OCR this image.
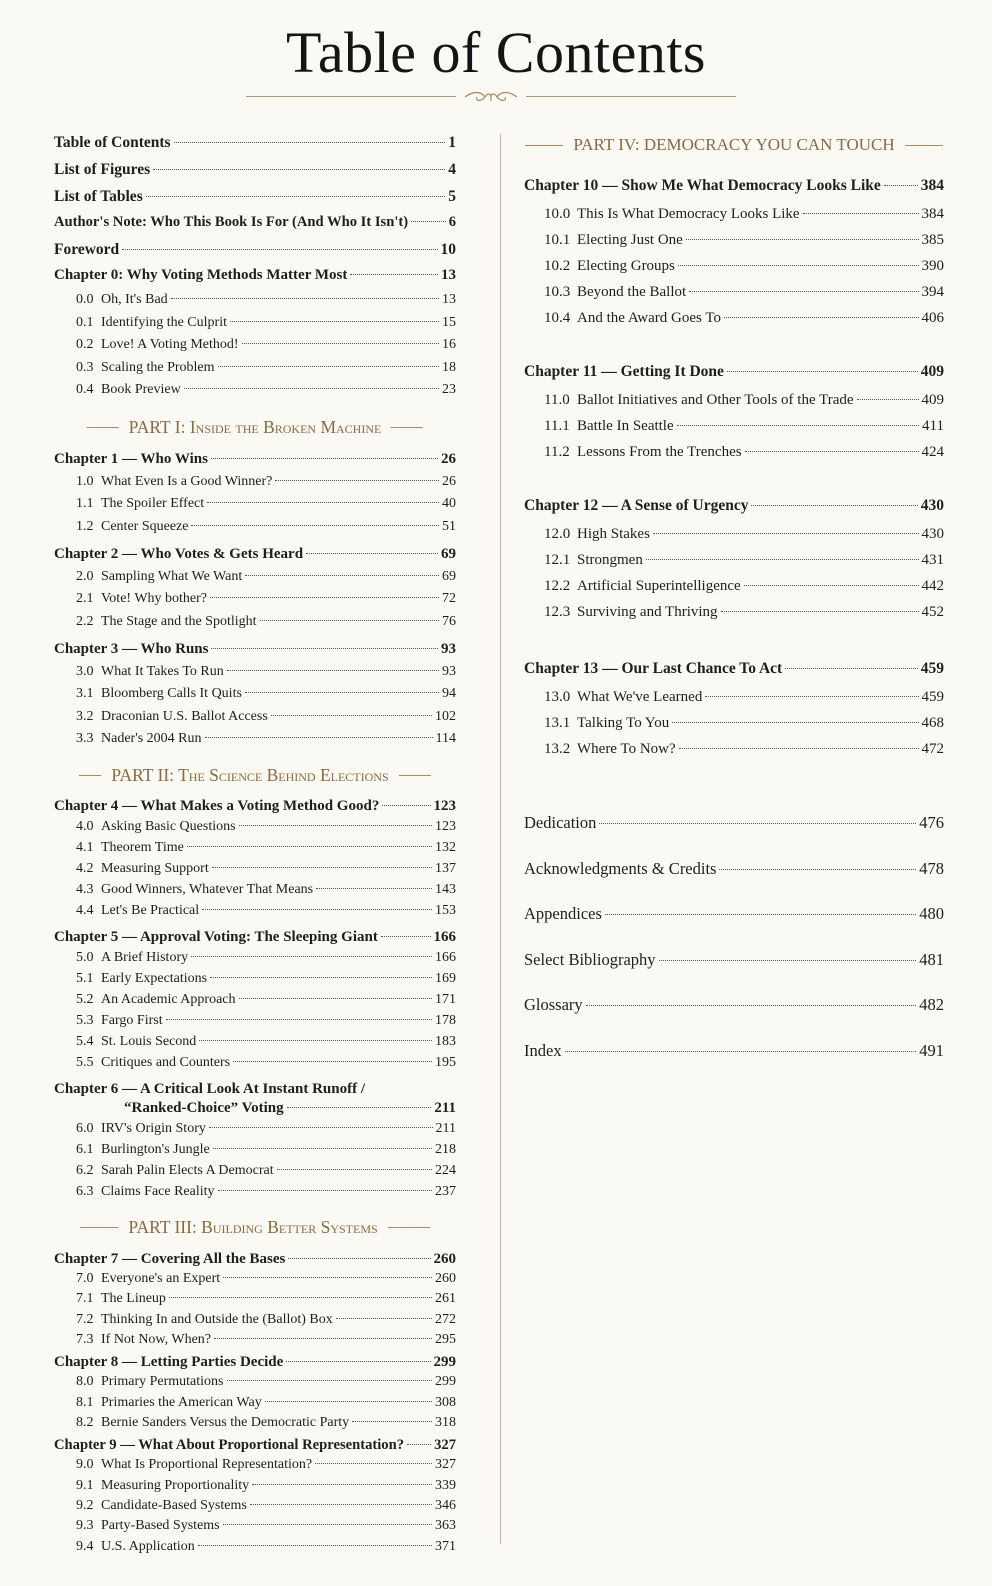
Table of Contents
Table of Contents	1
List of Figures	4
List of Tables	5
Author's Note: Who This Book Is For (And Who It Isn't)	6
Foreword	10
Chapter 0: Why Voting Methods Matter Most	13
0.0 Oh, It's Bad	13
0.1 Identifying the Culprit	15
0.2 Love! A Voting Method!	16
0.3 Scaling the Problem	18
0.4 Book Preview	23
PART I: Inside the Broken Machine
Chapter 1 — Who Wins	26
1.0 What Even Is a Good Winner?	26
1.1 The Spoiler Effect	40
1.2 Center Squeeze	51
Chapter 2 — Who Votes & Gets Heard	69
2.0 Sampling What We Want	69
2.1 Vote! Why bother?	72
2.2 The Stage and the Spotlight	76
Chapter 3 — Who Runs	93
3.0 What It Takes To Run	93
3.1 Bloomberg Calls It Quits	94
3.2 Draconian U.S. Ballot Access	102
3.3 Nader's 2004 Run	114
PART II: The Science Behind Elections
Chapter 4 — What Makes a Voting Method Good?	123
4.0 Asking Basic Questions	123
4.1 Theorem Time	132
4.2 Measuring Support	137
4.3 Good Winners, Whatever That Means	143
4.4 Let's Be Practical	153
Chapter 5 — Approval Voting: The Sleeping Giant	166
5.0 A Brief History	166
5.1 Early Expectations	169
5.2 An Academic Approach	171
5.3 Fargo First	178
5.4 St. Louis Second	183
5.5 Critiques and Counters	195
Chapter 6 — A Critical Look At Instant Runoff /
“Ranked-Choice” Voting	211
6.0 IRV's Origin Story	211
6.1 Burlington's Jungle	218
6.2 Sarah Palin Elects A Democrat	224
6.3 Claims Face Reality	237
PART III: Building Better Systems
Chapter 7 — Covering All the Bases	260
7.0 Everyone's an Expert	260
7.1 The Lineup	261
7.2 Thinking In and Outside the (Ballot) Box	272
7.3 If Not Now, When?	295
Chapter 8 — Letting Parties Decide	299
8.0 Primary Permutations	299
8.1 Primaries the American Way	308
8.2 Bernie Sanders Versus the Democratic Party	318
Chapter 9 — What About Proportional Representation? 327
9.0 What Is Proportional Representation?	327
9.1 Measuring Proportionality	339
9.2 Candidate-Based Systems	346
9.3 Party-Based Systems	363
9.4 U.S. Application	371
PART IV: DEMOCRACY YOU CAN TOUCH
Chapter 10 — Show Me What Democracy Looks Like	384
10.0 This Is What Democracy Looks Like	384
10.1 Electing Just One	385
10.2 Electing Groups	390
10.3 Beyond the Ballot	394
10.4 And the Award Goes To	406
Chapter 11 — Getting It Done	409
11.0 Ballot Initiatives and Other Tools of the Trade	409
11.1 Battle In Seattle	411
11.2 Lessons From the Trenches	424
Chapter 12 — A Sense of Urgency	430
12.0 High Stakes	430
12.1 Strongmen	431
12.2 Artificial Superintelligence	442
12.3 Surviving and Thriving	452
Chapter 13 — Our Last Chance To Act	459
13.0 What We've Learned	459
13.1 Talking To You	468
13.2 Where To Now?	472
Dedication	476
Acknowledgments & Credits	478
Appendices	480
Select Bibliography	481
Glossary	482
Index	491
